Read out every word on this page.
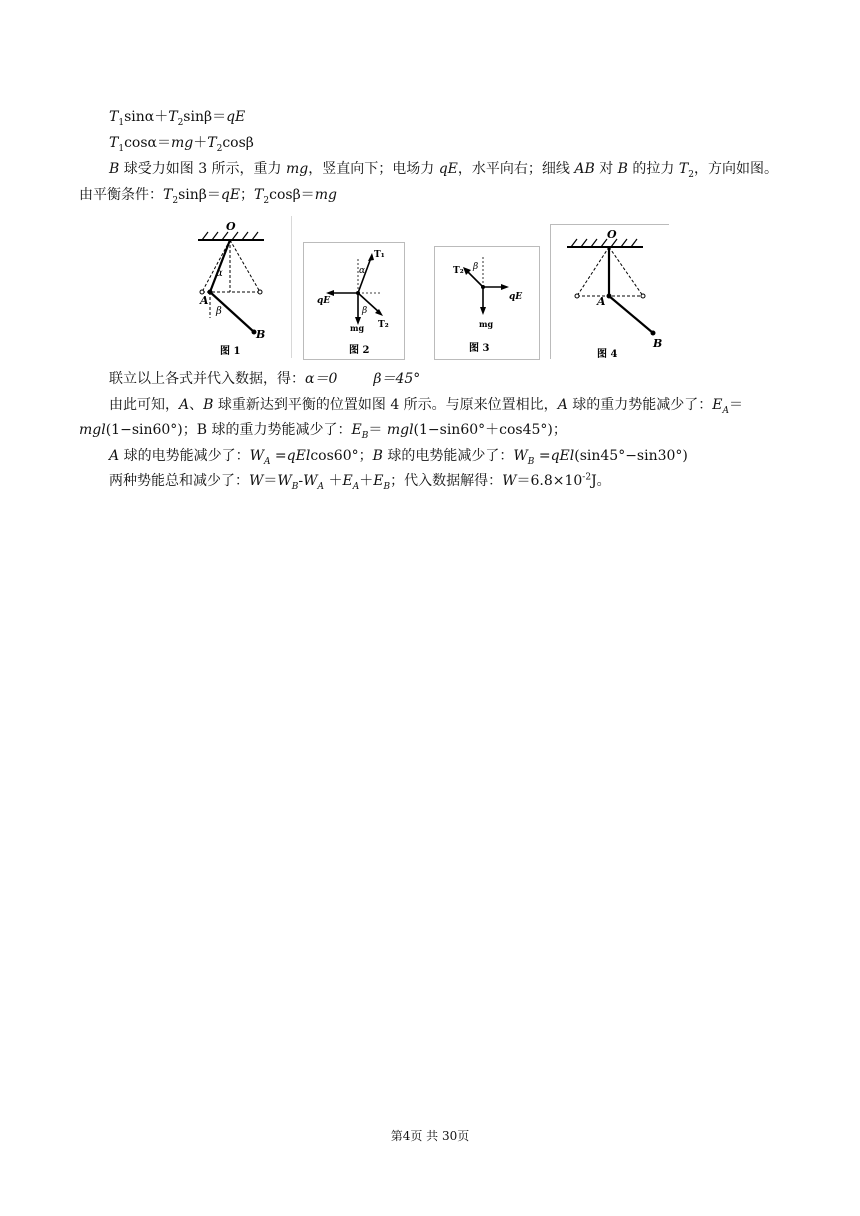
$T_1\sin\alpha+T_2\sin\beta=qE$
$T_1\cos\alpha=mg+T_2\cos\beta$
B 球受力如图 3 所示，重力 mg，竖直向下；电场力 qE，水平向右；细线 AB 对 B 的拉力 $T_2$，方向如图。
由平衡条件：$T_2\sin\beta=qE$；$T_2\cos\beta=mg$
O
α
β
A
B
图 1
T₁
α
qE
β
mg T₂
图 2
T₂ β
qE
mg
图 3
O
A
B
图 4
联立以上各式并代入数据，得：α＝0	β＝45°
由此可知，A、B 球重新达到平衡的位置如图 4 所示。与原来位置相比，A 球的重力势能减少了：$E_A=$
mgl(1−sin60°)；B 球的重力势能减少了：$E_B= mgl(1-\sin 60^\circ+\cos 45^\circ)$；
A 球的电势能减少了：$W_A =qElcos60^\circ$；B 球的电势能减少了：$W_B =qEl(\sin 45^\circ-\sin 30^\circ)$
两种势能总和减少了：$W=W_B-W_A +E_A+E_B$；代入数据解得：$W=6.8\times 10^{-2}J$。
第4页 共 30页
